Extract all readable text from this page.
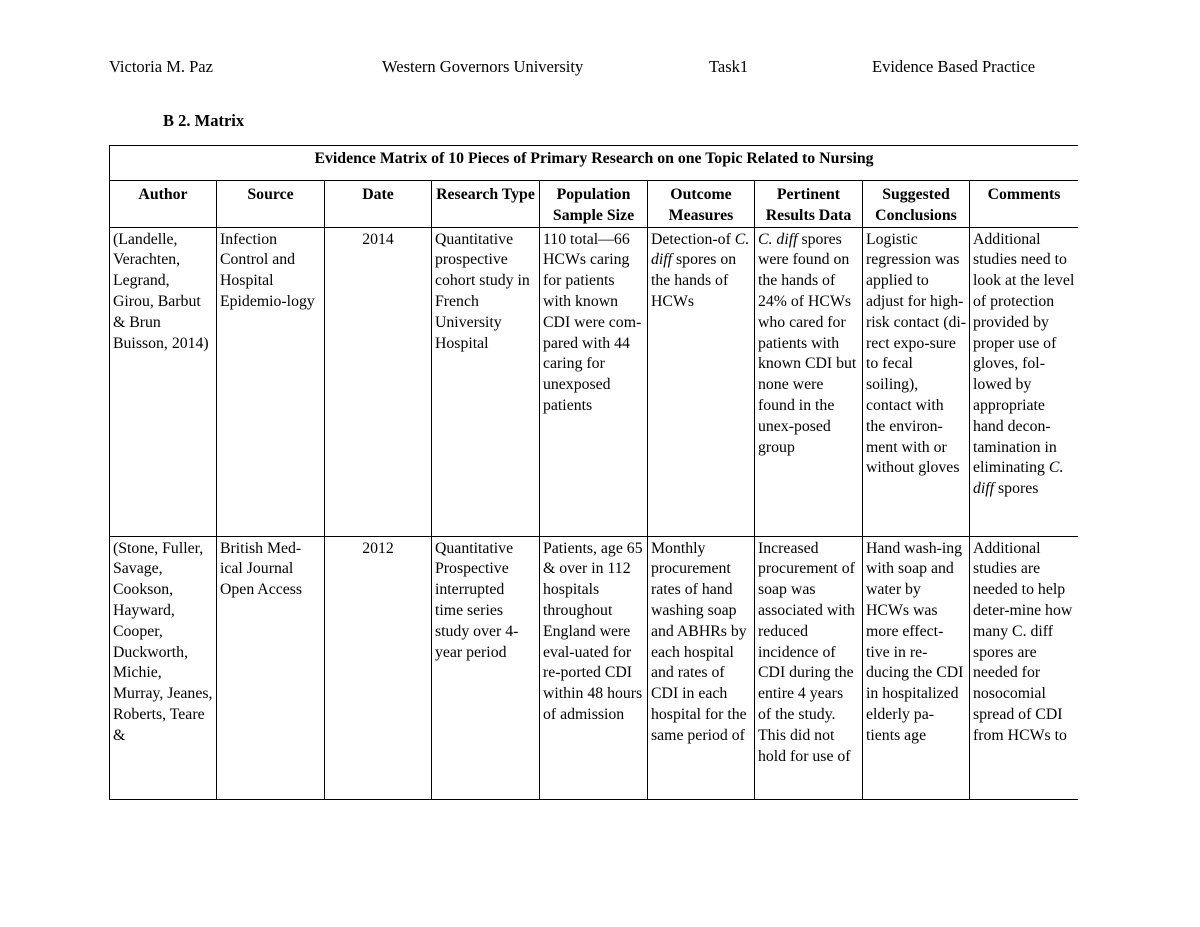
Victoria M. Paz	Western Governors University	Task1	Evidence Based Practice
B 2. Matrix
Evidence Matrix of 10 Pieces of Primary Research on one Topic Related to Nursing								
Author	Source	Date	Research Type	Population Sample Size	Outcome Measures	Pertinent Results Data	Suggested Conclusions	Comments
(Landelle, Verachten, Legrand, Girou, Barbut & Brun Buisson, 2014)	Infection Control and Hospital Epidemio-logy	2014	Quantitative prospective cohort study in French University Hospital	110 total—66 HCWs caring for patients with known CDI were com-pared with 44 caring for unexposed patients	Detection-of C. diff spores on the hands of HCWs	C. diff spores were found on the hands of 24% of HCWs who cared for patients with known CDI but none were found in the unex-posed group	Logistic regression was applied to adjust for high-risk contact (di-rect expo-sure to fecal soiling), contact with the environ-ment with or without gloves	Additional studies need to look at the level of protection provided by proper use of gloves, fol-lowed by appropriate hand decon-tamination in eliminating C. diff spores
(Stone, Fuller, Savage, Cookson, Hayward, Cooper, Duckworth, Michie, Murray, Jeanes, Roberts, Teare &	British Med-ical Journal Open Access	2012	Quantitative Prospective interrupted time series study over 4-year period	Patients, age 65 & over in 112 hospitals throughout England were eval-uated for re-ported CDI within 48 hours of admission	Monthly procurement rates of hand washing soap and ABHRs by each hospital and rates of CDI in each hospital for the same period of	Increased procurement of soap was associated with reduced incidence of CDI during the entire 4 years of the study. This did not hold for use of	Hand wash-ing with soap and water by HCWs was more effect-tive in re-ducing the CDI in hospitalized elderly pa-tients age	Additional studies are needed to help deter-mine how many C. diff spores are needed for nosocomial spread of CDI from HCWs to
